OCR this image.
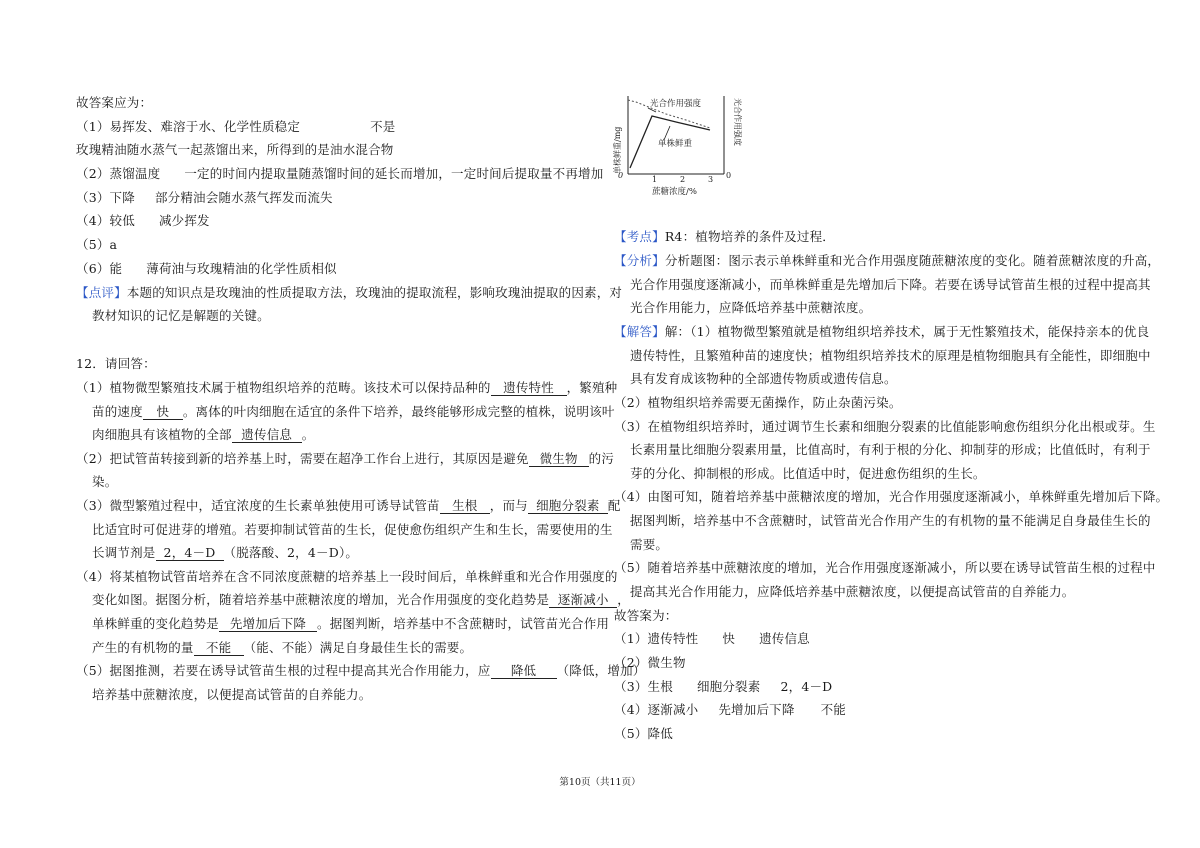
故答案应为：
（1）易挥发、难溶于水、化学性质稳定	不是
玫瑰精油随水蒸气一起蒸馏出来，所得到的是油水混合物
（2）蒸馏温度 一定的时间内提取量随蒸馏时间的延长而增加，一定时间后提取量不再增加
（3）下降 部分精油会随水蒸气挥发而流失
（4）较低 减少挥发
（5）a
（6）能 薄荷油与玫瑰精油的化学性质相似
【点评】本题的知识点是玫瑰油的性质提取方法，玫瑰油的提取流程，影响玫瑰油提取的因素，对
教材知识的记忆是解题的关键。
12．请回答：
（1）植物微型繁殖技术属于植物组织培养的范畴。该技术可以保持品种的 遗传特性 ，繁殖种
苗的速度 快 。离体的叶肉细胞在适宜的条件下培养，最终能够形成完整的植株，说明该叶
肉细胞具有该植物的全部 遗传信息 。
（2）把试管苗转接到新的培养基上时，需要在超净工作台上进行，其原因是避免 微生物 的污
染。
（3）微型繁殖过程中，适宜浓度的生长素单独使用可诱导试管苗 生根 ，而与 细胞分裂素 配
比适宜时可促进芽的增殖。若要抑制试管苗的生长，促使愈伤组织产生和生长，需要使用的生
长调节剂是 2，4－D （脱落酸、2，4－D）。
（4）将某植物试管苗培养在含不同浓度蔗糖的培养基上一段时间后，单株鲜重和光合作用强度的
变化如图。据图分析，随着培养基中蔗糖浓度的增加，光合作用强度的变化趋势是 逐渐减小 ，
单株鲜重的变化趋势是 先增加后下降 。据图判断，培养基中不含蔗糖时，试管苗光合作用
产生的有机物的量 不能 （能、不能）满足自身最佳生长的需要。
（5）据图推测，若要在诱导试管苗生根的过程中提高其光合作用能力，应 降低 （降低，增加）
培养基中蔗糖浓度，以便提高试管苗的自养能力。
光合作用强度
单株鲜重
0	0
1	2	3
蔗糖浓度/%
单株鲜重/mg
光合作用强度
【考点】R4：植物培养的条件及过程．
【分析】分析题图：图示表示单株鲜重和光合作用强度随蔗糖浓度的变化。随着蔗糖浓度的升高，
光合作用强度逐渐减小，而单株鲜重是先增加后下降。若要在诱导试管苗生根的过程中提高其
光合作用能力，应降低培养基中蔗糖浓度。
【解答】解：（1）植物微型繁殖就是植物组织培养技术，属于无性繁殖技术，能保持亲本的优良
遗传特性，且繁殖种苗的速度快；植物组织培养技术的原理是植物细胞具有全能性，即细胞中
具有发育成该物种的全部遗传物质或遗传信息。
（2）植物组织培养需要无菌操作，防止杂菌污染。
（3）在植物组织培养时，通过调节生长素和细胞分裂素的比值能影响愈伤组织分化出根或芽。生
长素用量比细胞分裂素用量，比值高时，有利于根的分化、抑制芽的形成；比值低时，有利于
芽的分化、抑制根的形成。比值适中时，促进愈伤组织的生长。
（4）由图可知，随着培养基中蔗糖浓度的增加，光合作用强度逐渐减小，单株鲜重先增加后下降。
据图判断，培养基中不含蔗糖时，试管苗光合作用产生的有机物的量不能满足自身最佳生长的
需要。
（5）随着培养基中蔗糖浓度的增加，光合作用强度逐渐减小，所以要在诱导试管苗生根的过程中
提高其光合作用能力，应降低培养基中蔗糖浓度，以便提高试管苗的自养能力。
故答案为：
（1）遗传特性 快 遗传信息
（2）微生物
（3）生根 细胞分裂素 2，4－D
（4）逐渐减小 先增加后下降 不能
（5）降低
第10页（共11页）
